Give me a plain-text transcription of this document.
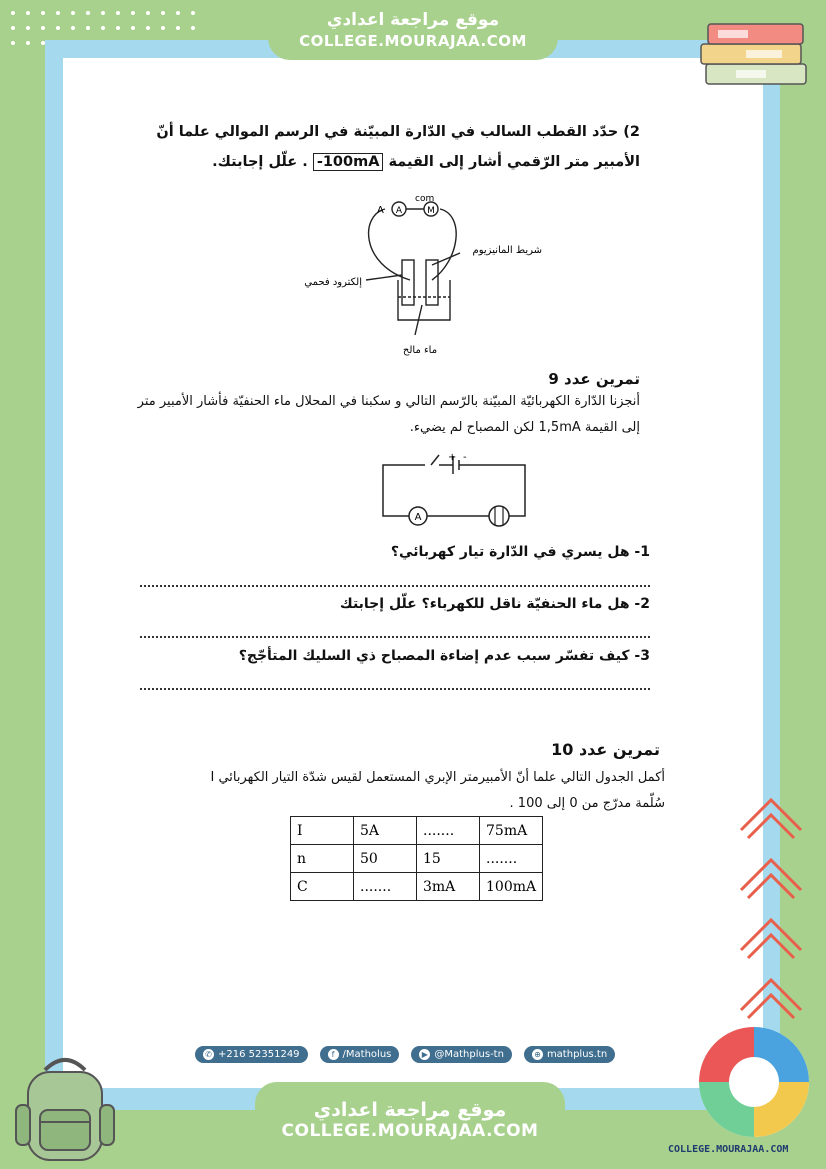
موقع مراجعة اعدادي
COLLEGE.MOURAJAA.COM
2) حدّد القطب السالب في الدّارة المبيّنة في الرسم الموالي علما أنّ
الأمبير متر الرّقمي أشار إلى القيمة -100mA . علّل إجابتك.
A	M
A
com
شريط المانيزيوم
إلكترود فحمي
ماء مالح
تمرين عدد 9
أنجزنا الدّارة الكهربائيّة المبيّنة بالرّسم التالي و سكبنا في المحلال ماء الحنفيّة فأشار الأمبير متر
إلى القيمة 1,5mA لكن المصباح لم يضيء.
A
+ -
1- هل يسري في الدّارة تيار كهربائي؟
2- هل ماء الحنفيّة ناقل للكهرباء؟ علّل إجابتك
3- كيف تفسّر سبب عدم إضاءة المصباح ذي السليك المتأجّج؟
تمرين عدد 10
أكمل الجدول التالي علما أنّ الأمبيرمتر الإبري المستعمل لقيس شدّة التيار الكهربائي I
سُلّمة مدرّج من 0 إلى 100 .
I	5A	.......	75mA
n	50	15	.......
C	.......	3mA	100mA
✆ +216 52351249	f /Matholus	▶ @Mathplus-tn	⊕ mathplus.tn
موقع مراجعة اعدادي
COLLEGE.MOURAJAA.COM
COLLEGE.MOURAJAA.COM
